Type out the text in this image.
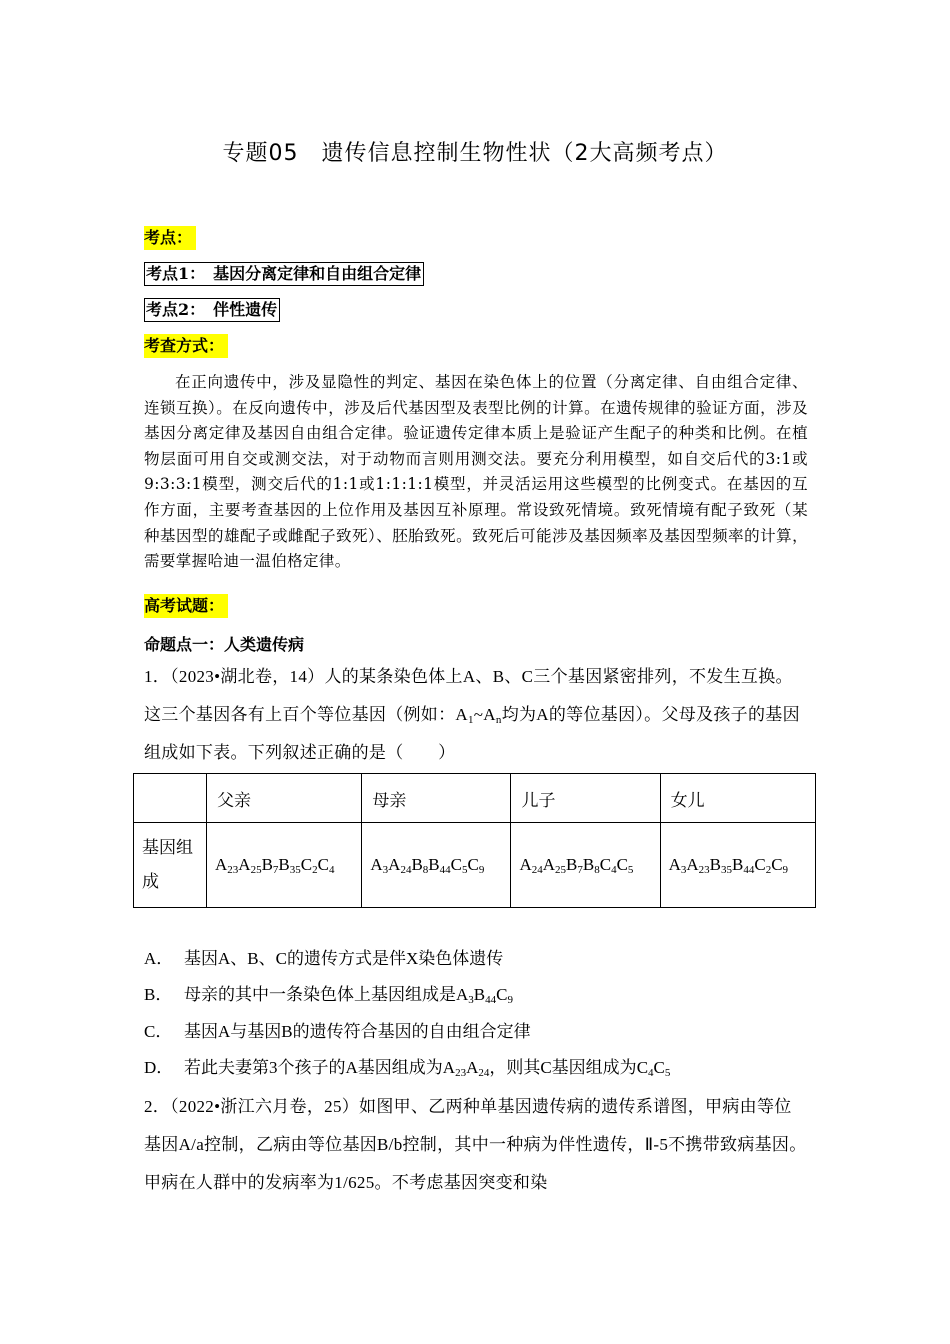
专题05　遗传信息控制生物性状（2大高频考点）
考点：
考点1：　基因分离定律和自由组合定律
考点2：　伴性遗传
考查方式：
在正向遗传中，涉及显隐性的判定、基因在染色体上的位置（分离定律、自由组合定律、连锁互换）。在反向遗传中，涉及后代基因型及表型比例的计算。在遗传规律的验证方面，涉及基因分离定律及基因自由组合定律。验证遗传定律本质上是验证产生配子的种类和比例。在植物层面可用自交或测交法，对于动物而言则用测交法。要充分利用模型，如自交后代的3:1或9:3:3:1模型，测交后代的1:1或1:1:1:1模型，并灵活运用这些模型的比例变式。在基因的互作方面，主要考查基因的上位作用及基因互补原理。常设致死情境。致死情境有配子致死（某种基因型的雄配子或雌配子致死）、胚胎致死。致死后可能涉及基因频率及基因型频率的计算，需要掌握哈迪一温伯格定律。
高考试题：
命题点一：人类遗传病
1．（2023•湖北卷，14）人的某条染色体上A、B、C三个基因紧密排列，不发生互换。这三个基因各有上百个等位基因（例如：$A_1\sim A_n$均为A的等位基因）。父母及孩子的基因组成如下表。下列叙述正确的是（　　）
	父亲	母亲	儿子	女儿
基因组成	$A_{23}A_{25}B_7B_{35}C_2C_4$	$A_3A_{24}B_8B_{44}C_5C_9$	$A_{24}A_{25}B_7B_8C_4C_5$	$A_3A_{23}B_{35}B_{44}C_2C_9$
A． 基因A、B、C的遗传方式是伴X染色体遗传
B． 母亲的其中一条染色体上基因组成是$A_3B_{44}C_9$
C． 基因A与基因B的遗传符合基因的自由组合定律
D． 若此夫妻第3个孩子的A基因组成为$A_{23}A_{24}$，则其C基因组成为$C_4C_5$
2．（2022•浙江六月卷，25）如图甲、乙两种单基因遗传病的遗传系谱图，甲病由等位基因A/a控制，乙病由等位基因B/b控制，其中一种病为伴性遗传，Ⅱ-5不携带致病基因。甲病在人群中的发病率为1/625。不考虑基因突变和染
